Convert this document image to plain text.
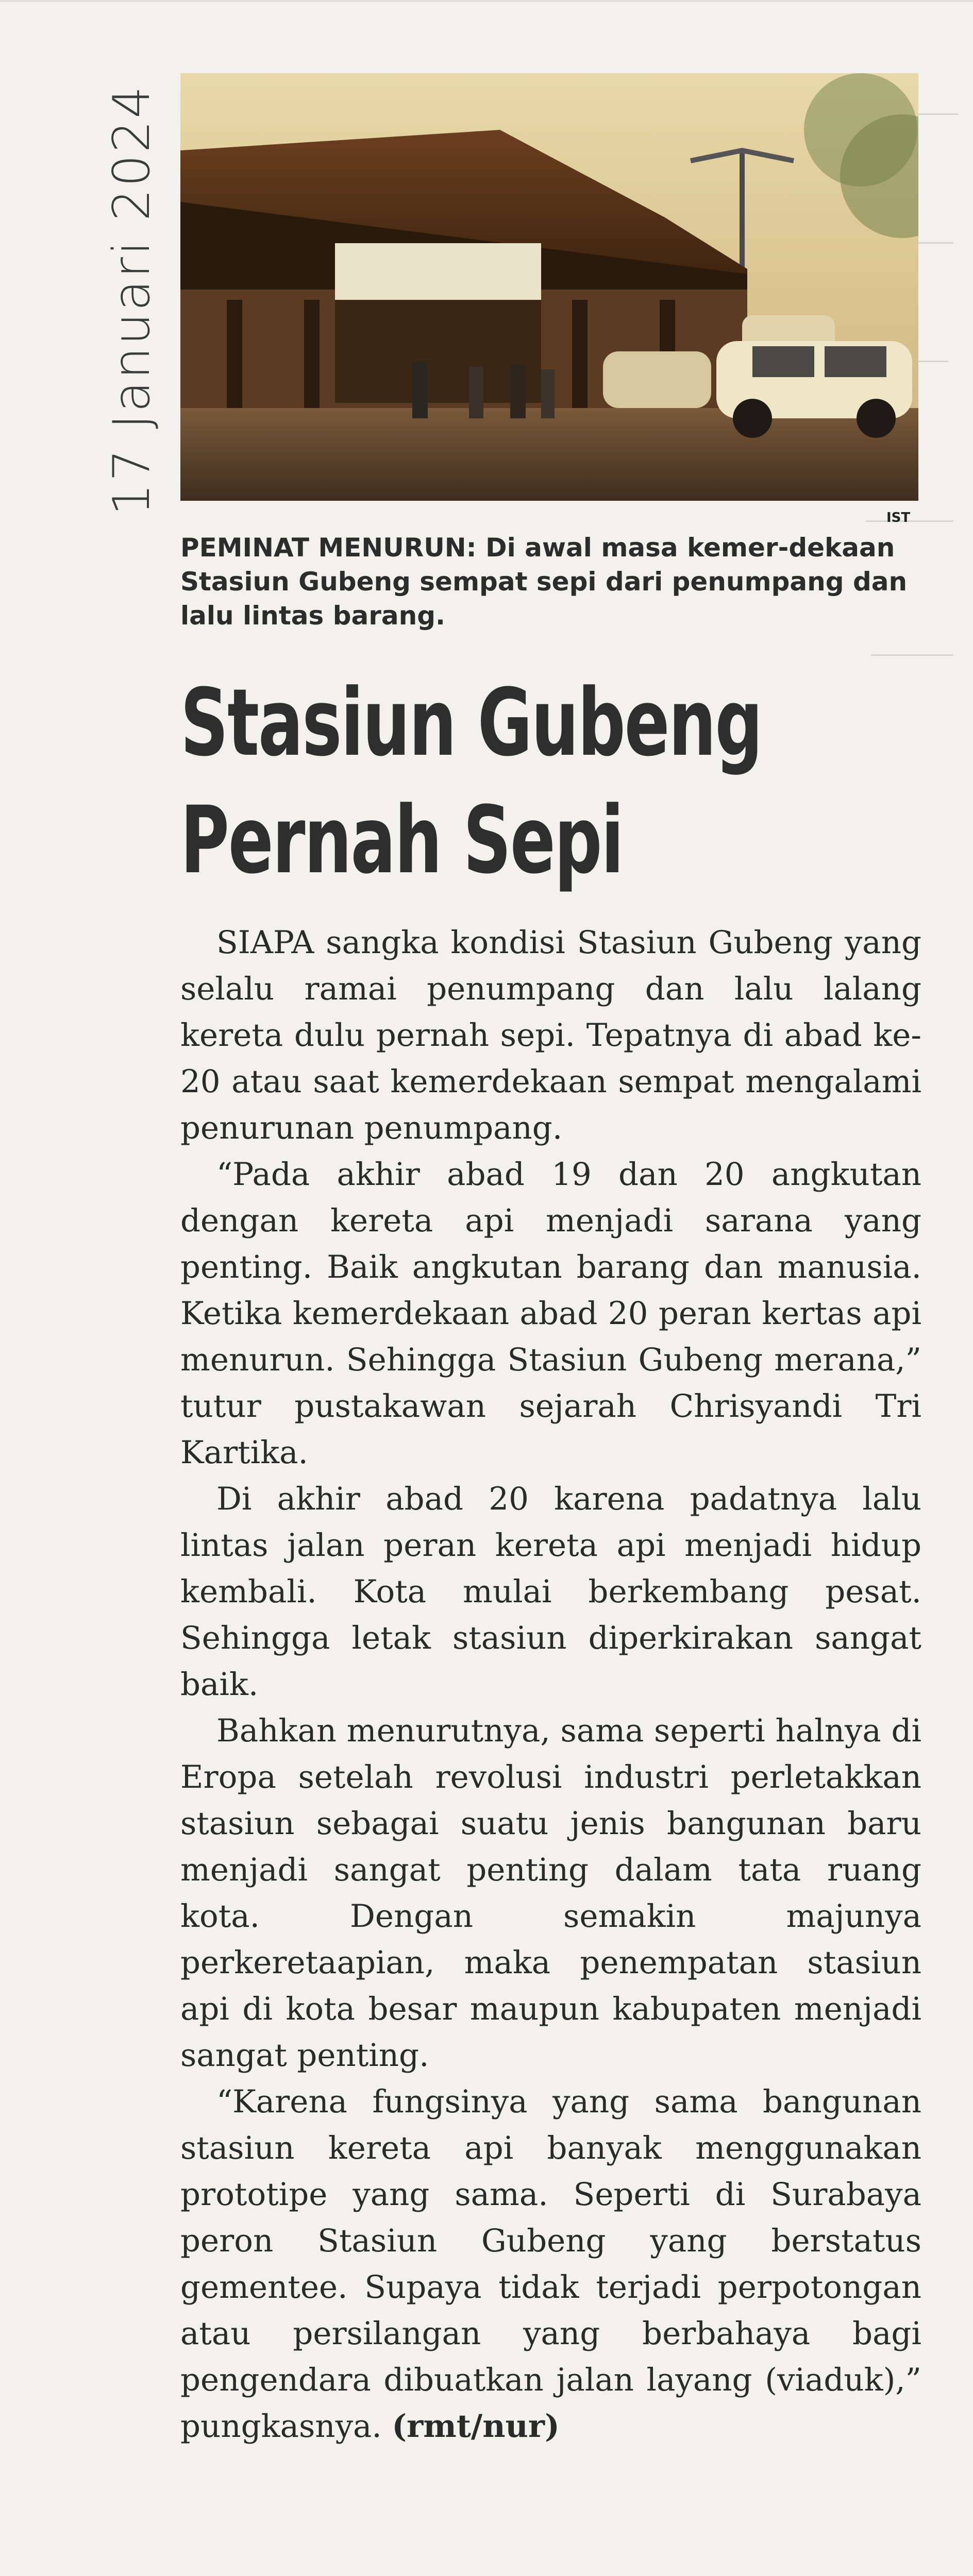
17 Januari 2024
IST
PEMINAT MENURUN: Di awal masa kemer-dekaan Stasiun Gubeng sempat sepi dari penumpang dan lalu lintas barang.
Stasiun Gubeng
Pernah Sepi

SIAPA sangka kondisi Stasiun Gubeng yang selalu ramai penumpang dan lalu lalang kereta dulu pernah sepi. Tepatnya di abad ke-20 atau saat kemerdekaan sempat mengalami penurunan penumpang.

“Pada akhir abad 19 dan 20 angkutan dengan kereta api menjadi sarana yang penting. Baik angkutan barang dan manusia. Ketika kemerdekaan abad 20 peran kertas api menurun. Sehingga Stasiun Gubeng merana,” tutur pustakawan sejarah Chrisyandi Tri Kartika.

Di akhir abad 20 karena padatnya lalu lintas jalan peran kereta api menjadi hidup kembali. Kota mulai berkembang pesat. Sehingga letak stasiun diperkirakan sangat baik.

Bahkan menurutnya, sama seperti halnya di Eropa setelah revolusi industri perletakkan stasiun sebagai suatu jenis bangunan baru menjadi sangat penting dalam tata ruang kota. Dengan semakin majunya perkeretaapian, maka penempatan stasiun api di kota besar maupun kabupaten menjadi sangat penting.

“Karena fungsinya yang sama bangunan stasiun kereta api banyak menggunakan prototipe yang sama. Seperti di Surabaya peron Stasiun Gubeng yang berstatus gementee. Supaya tidak terjadi perpotongan atau persilangan yang berbahaya bagi pengendara dibuatkan jalan layang (viaduk),” pungkasnya. (rmt/nur)
